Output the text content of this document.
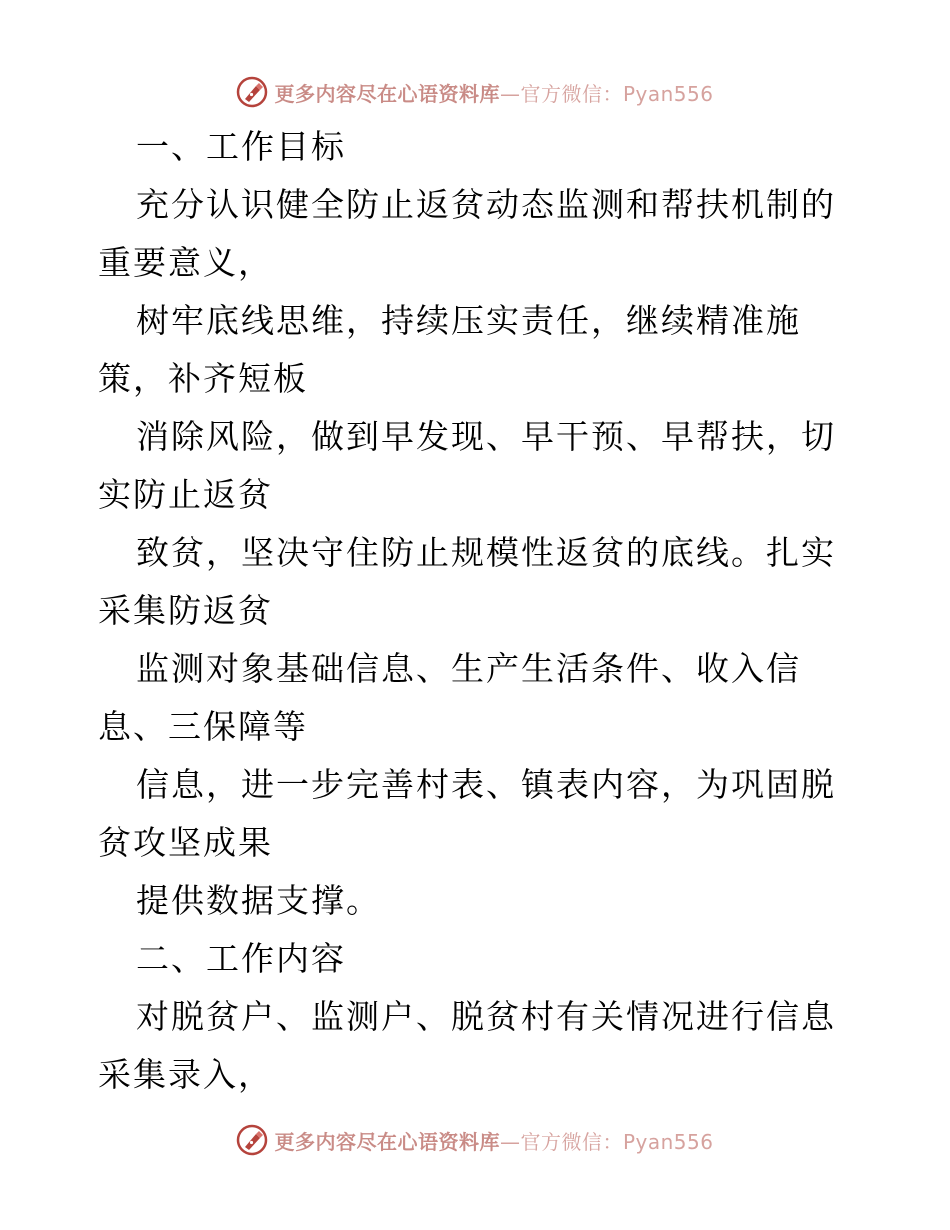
更多内容尽在心语资料库—官方微信：Pyan556

一、工作目标

充分认识健全防止返贫动态监测和帮扶机制的重要意义，

树牢底线思维，持续压实责任，继续精准施策，补齐短板

消除风险，做到早发现、早干预、早帮扶，切实防止返贫

致贫，坚决守住防止规模性返贫的底线。扎实采集防返贫

监测对象基础信息、生产生活条件、收入信息、三保障等

信息，进一步完善村表、镇表内容，为巩固脱贫攻坚成果

提供数据支撑。

二、工作内容

对脱贫户、监测户、脱贫村有关情况进行信息采集录入，

更多内容尽在心语资料库—官方微信：Pyan556
